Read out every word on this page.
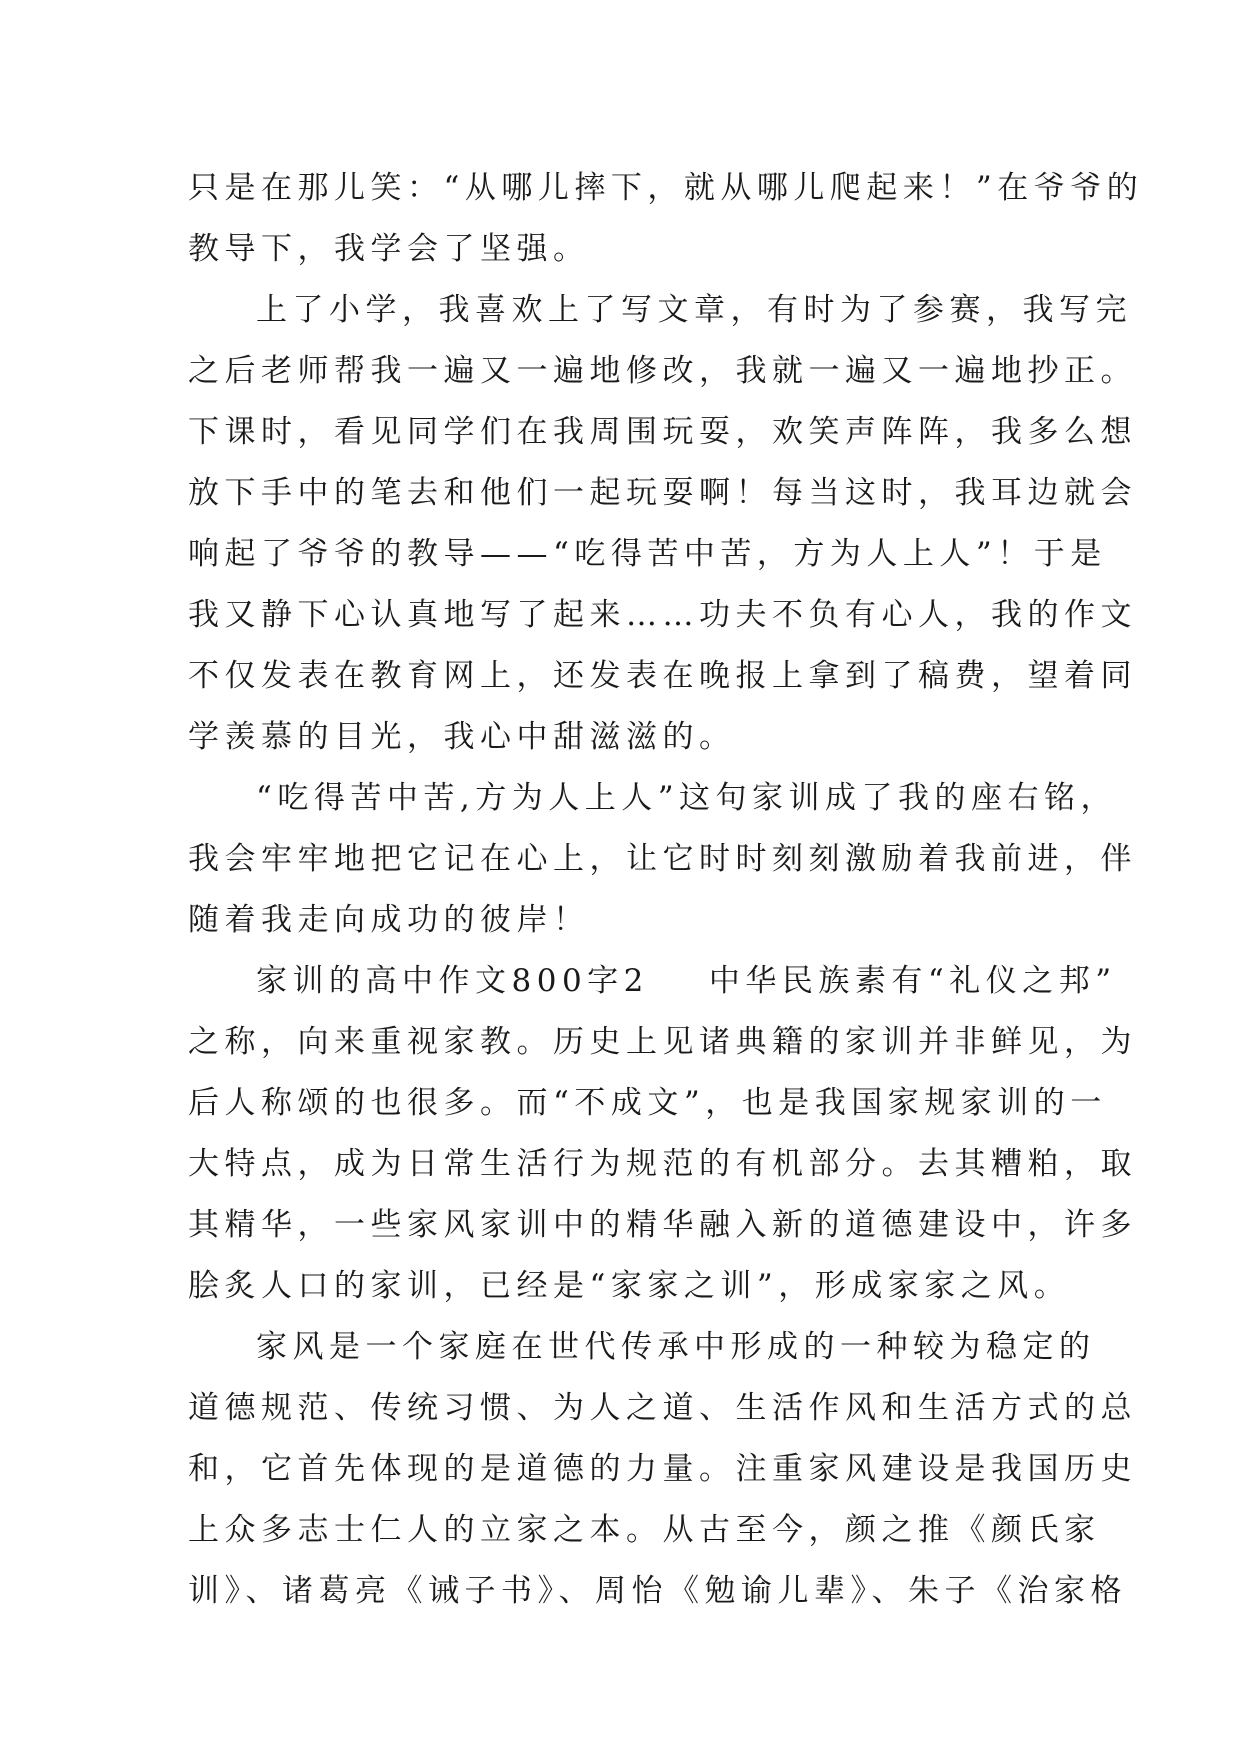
只是在那儿笑：“从哪儿摔下，就从哪儿爬起来！”在爷爷的
教导下，我学会了坚强。
上了小学，我喜欢上了写文章，有时为了参赛，我写完
之后老师帮我一遍又一遍地修改，我就一遍又一遍地抄正。
下课时，看见同学们在我周围玩耍，欢笑声阵阵，我多么想
放下手中的笔去和他们一起玩耍啊！每当这时，我耳边就会
响起了爷爷的教导——“吃得苦中苦，方为人上人”！于是
我又静下心认真地写了起来……功夫不负有心人，我的作文
不仅发表在教育网上，还发表在晚报上拿到了稿费，望着同
学羡慕的目光，我心中甜滋滋的。
“吃得苦中苦,方为人上人”这句家训成了我的座右铭，
我会牢牢地把它记在心上，让它时时刻刻激励着我前进，伴
随着我走向成功的彼岸！
家训的高中作文800字2 中华民族素有“礼仪之邦”
之称，向来重视家教。历史上见诸典籍的家训并非鲜见，为
后人称颂的也很多。而“不成文”，也是我国家规家训的一
大特点，成为日常生活行为规范的有机部分。去其糟粕，取
其精华，一些家风家训中的精华融入新的道德建设中，许多
脍炙人口的家训，已经是“家家之训”，形成家家之风。
家风是一个家庭在世代传承中形成的一种较为稳定的
道德规范、传统习惯、为人之道、生活作风和生活方式的总
和，它首先体现的是道德的力量。注重家风建设是我国历史
上众多志士仁人的立家之本。从古至今，颜之推《颜氏家
训》、诸葛亮《诫子书》、周怡《勉谕儿辈》、朱子《治家格
